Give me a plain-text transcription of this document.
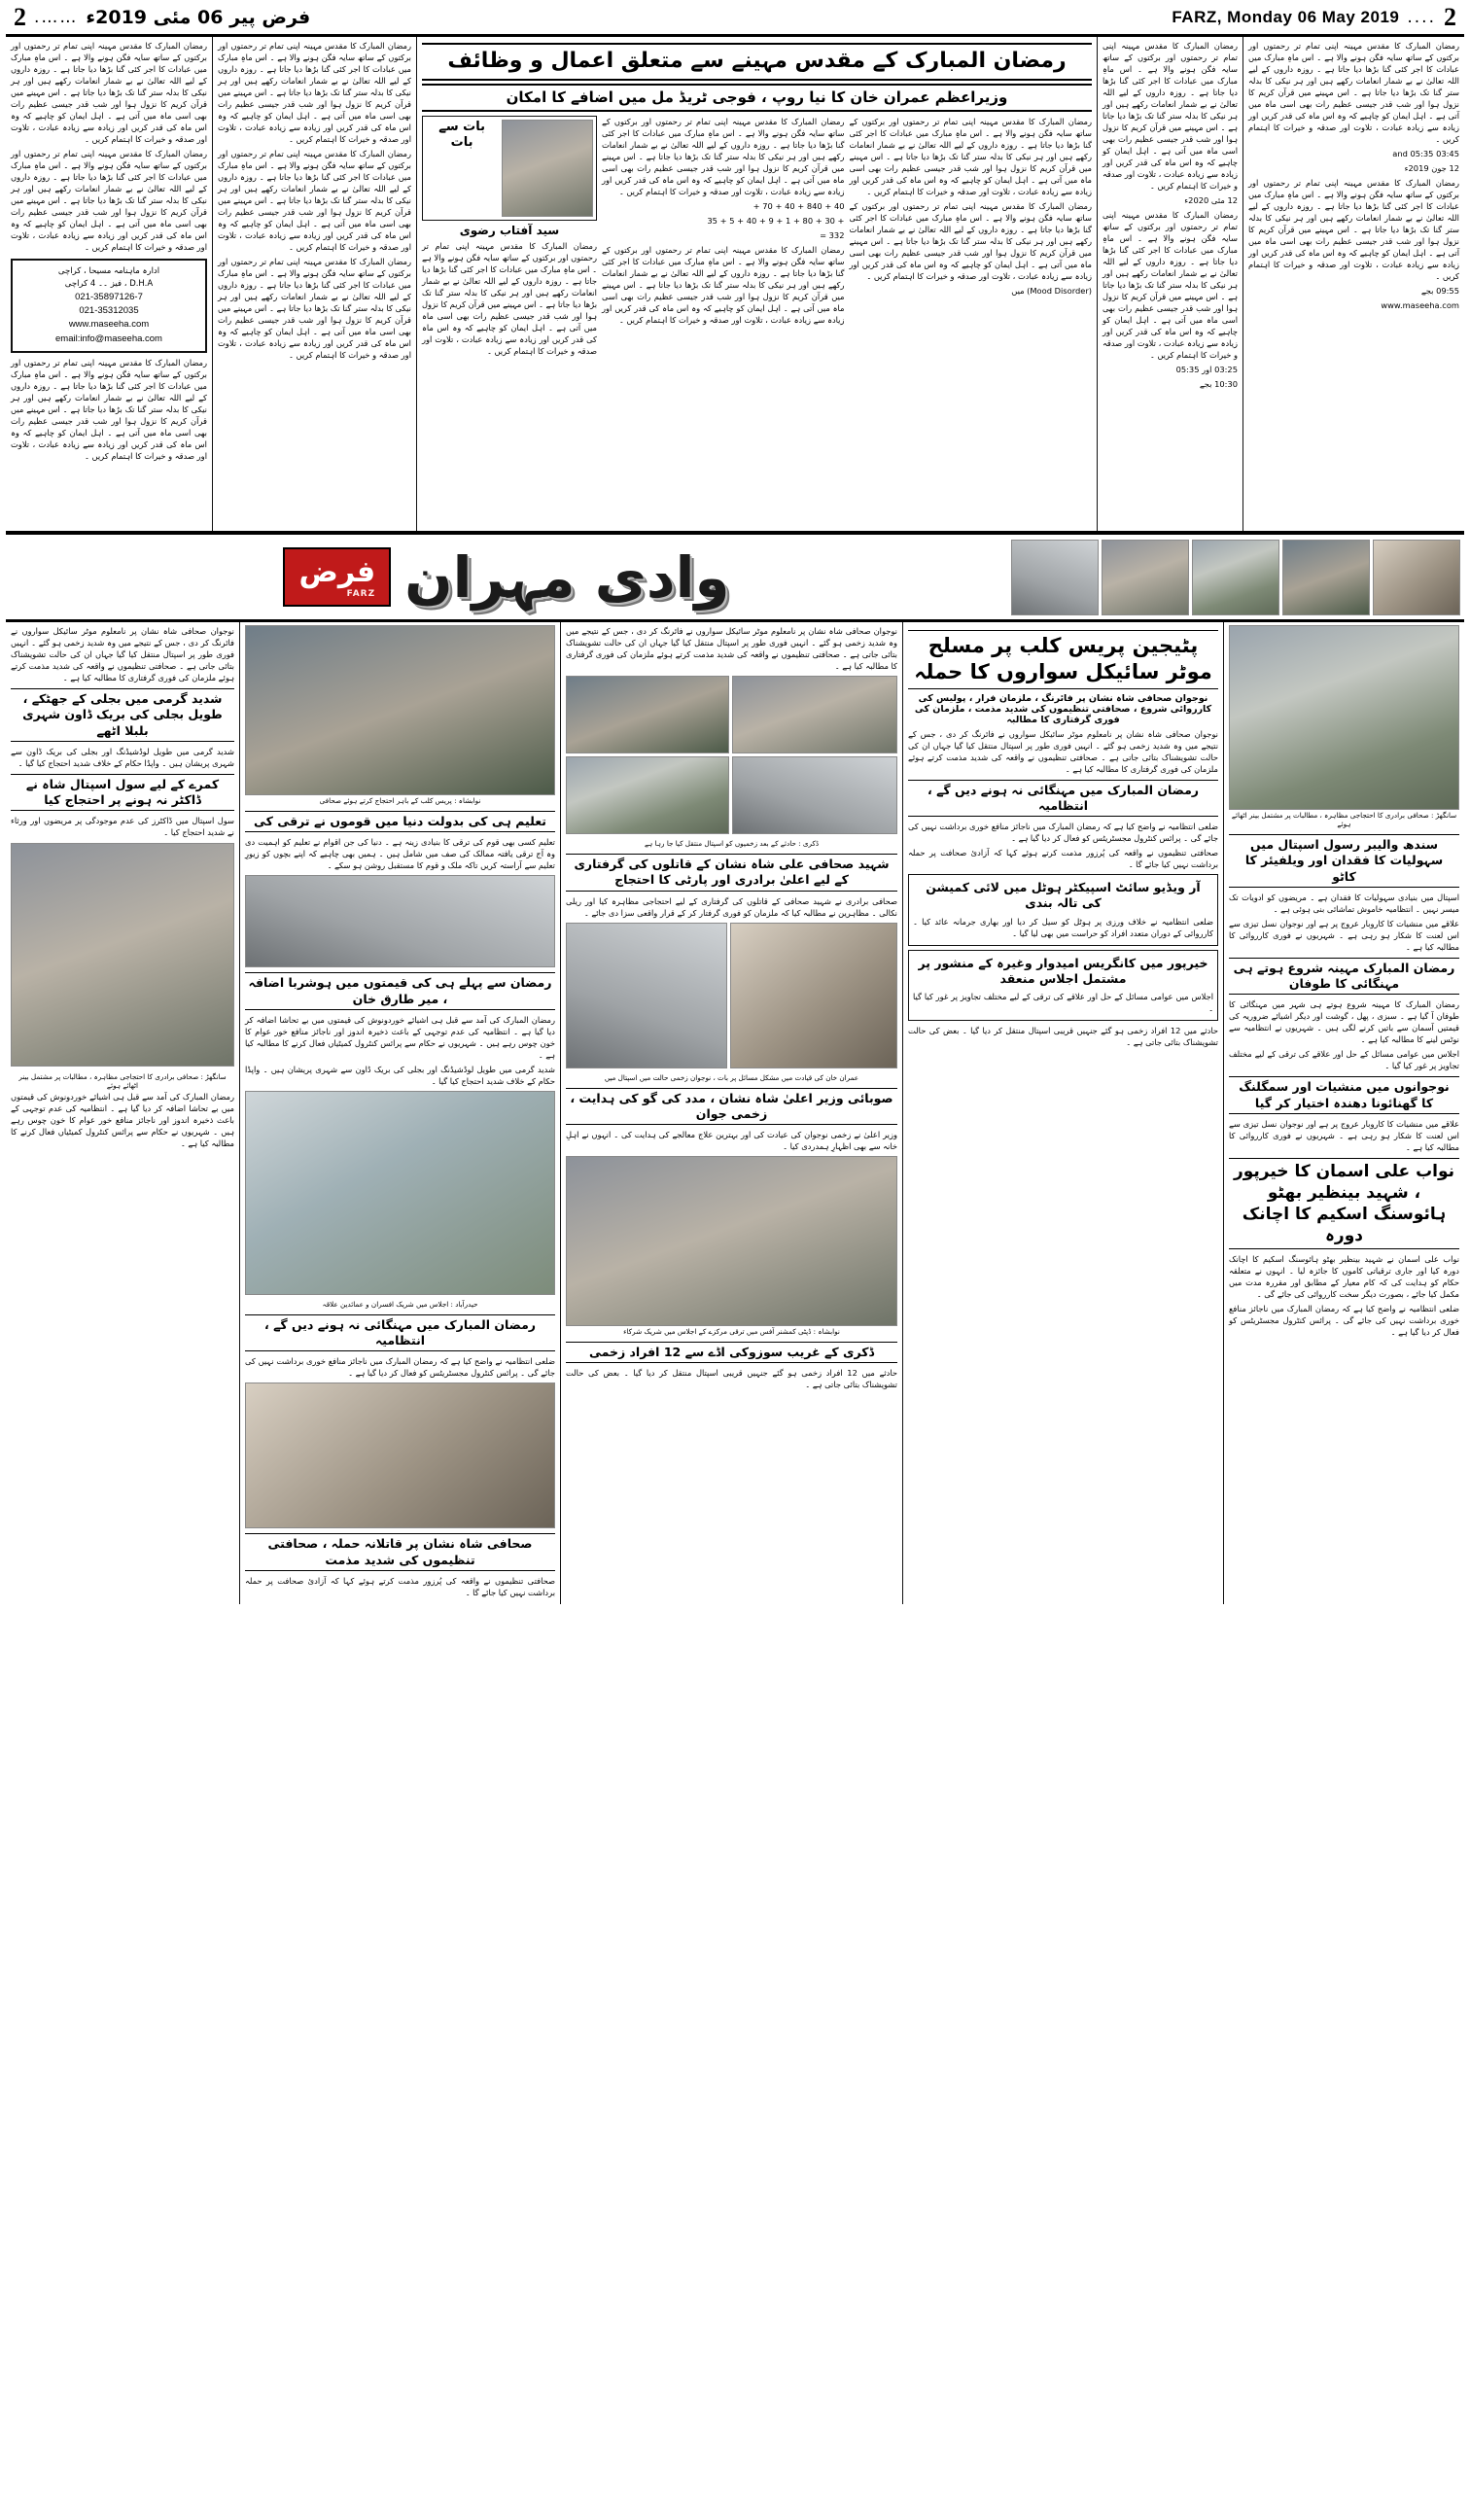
2
....
FARZ, Monday 06 May 2019
فرض پیر 06 مئی 2019ء
…….
2

رمضان المبارک کا مقدس مہینہ اپنی تمام تر رحمتوں اور برکتوں کے ساتھ سایہ فگن ہونے والا ہے ۔ اس ماہِ مبارک میں عبادات کا اجر کئی گنا بڑھا دیا جاتا ہے ۔ روزہ داروں کے لیے اللہ تعالیٰ نے بے شمار انعامات رکھے ہیں اور ہر نیکی کا بدلہ ستر گنا تک بڑھا دیا جاتا ہے ۔ اس مہینے میں قرآن کریم کا نزول ہوا اور شب قدر جیسی عظیم رات بھی اسی ماہ میں آتی ہے ۔ اہل ایمان کو چاہیے کہ وہ اس ماہ کی قدر کریں اور زیادہ سے زیادہ عبادت ، تلاوت اور صدقہ و خیرات کا اہتمام کریں ۔

03:45 and 05:35

12 جون 2019ء

رمضان المبارک کا مقدس مہینہ اپنی تمام تر رحمتوں اور برکتوں کے ساتھ سایہ فگن ہونے والا ہے ۔ اس ماہِ مبارک میں عبادات کا اجر کئی گنا بڑھا دیا جاتا ہے ۔ روزہ داروں کے لیے اللہ تعالیٰ نے بے شمار انعامات رکھے ہیں اور ہر نیکی کا بدلہ ستر گنا تک بڑھا دیا جاتا ہے ۔ اس مہینے میں قرآن کریم کا نزول ہوا اور شب قدر جیسی عظیم رات بھی اسی ماہ میں آتی ہے ۔ اہل ایمان کو چاہیے کہ وہ اس ماہ کی قدر کریں اور زیادہ سے زیادہ عبادت ، تلاوت اور صدقہ و خیرات کا اہتمام کریں ۔

09:55 بجے

www.maseeha.com

رمضان المبارک کا مقدس مہینہ اپنی تمام تر رحمتوں اور برکتوں کے ساتھ سایہ فگن ہونے والا ہے ۔ اس ماہِ مبارک میں عبادات کا اجر کئی گنا بڑھا دیا جاتا ہے ۔ روزہ داروں کے لیے اللہ تعالیٰ نے بے شمار انعامات رکھے ہیں اور ہر نیکی کا بدلہ ستر گنا تک بڑھا دیا جاتا ہے ۔ اس مہینے میں قرآن کریم کا نزول ہوا اور شب قدر جیسی عظیم رات بھی اسی ماہ میں آتی ہے ۔ اہل ایمان کو چاہیے کہ وہ اس ماہ کی قدر کریں اور زیادہ سے زیادہ عبادت ، تلاوت اور صدقہ و خیرات کا اہتمام کریں ۔

12 مئی 2020ء

رمضان المبارک کا مقدس مہینہ اپنی تمام تر رحمتوں اور برکتوں کے ساتھ سایہ فگن ہونے والا ہے ۔ اس ماہِ مبارک میں عبادات کا اجر کئی گنا بڑھا دیا جاتا ہے ۔ روزہ داروں کے لیے اللہ تعالیٰ نے بے شمار انعامات رکھے ہیں اور ہر نیکی کا بدلہ ستر گنا تک بڑھا دیا جاتا ہے ۔ اس مہینے میں قرآن کریم کا نزول ہوا اور شب قدر جیسی عظیم رات بھی اسی ماہ میں آتی ہے ۔ اہل ایمان کو چاہیے کہ وہ اس ماہ کی قدر کریں اور زیادہ سے زیادہ عبادت ، تلاوت اور صدقہ و خیرات کا اہتمام کریں ۔

03:25 اور 05:35

10:30 بجے

رمضان المبارک کے مقدس مہینے سے متعلق اعمال و وظائف
وزیراعظم عمران خان کا نیا روپ ، فوجی ٹریڈ مل میں اضافے کا امکان

رمضان المبارک کا مقدس مہینہ اپنی تمام تر رحمتوں اور برکتوں کے ساتھ سایہ فگن ہونے والا ہے ۔ اس ماہِ مبارک میں عبادات کا اجر کئی گنا بڑھا دیا جاتا ہے ۔ روزہ داروں کے لیے اللہ تعالیٰ نے بے شمار انعامات رکھے ہیں اور ہر نیکی کا بدلہ ستر گنا تک بڑھا دیا جاتا ہے ۔ اس مہینے میں قرآن کریم کا نزول ہوا اور شب قدر جیسی عظیم رات بھی اسی ماہ میں آتی ہے ۔ اہل ایمان کو چاہیے کہ وہ اس ماہ کی قدر کریں اور زیادہ سے زیادہ عبادت ، تلاوت اور صدقہ و خیرات کا اہتمام کریں ۔

رمضان المبارک کا مقدس مہینہ اپنی تمام تر رحمتوں اور برکتوں کے ساتھ سایہ فگن ہونے والا ہے ۔ اس ماہِ مبارک میں عبادات کا اجر کئی گنا بڑھا دیا جاتا ہے ۔ روزہ داروں کے لیے اللہ تعالیٰ نے بے شمار انعامات رکھے ہیں اور ہر نیکی کا بدلہ ستر گنا تک بڑھا دیا جاتا ہے ۔ اس مہینے میں قرآن کریم کا نزول ہوا اور شب قدر جیسی عظیم رات بھی اسی ماہ میں آتی ہے ۔ اہل ایمان کو چاہیے کہ وہ اس ماہ کی قدر کریں اور زیادہ سے زیادہ عبادت ، تلاوت اور صدقہ و خیرات کا اہتمام کریں ۔

(Mood Disorder) میں

رمضان المبارک کا مقدس مہینہ اپنی تمام تر رحمتوں اور برکتوں کے ساتھ سایہ فگن ہونے والا ہے ۔ اس ماہِ مبارک میں عبادات کا اجر کئی گنا بڑھا دیا جاتا ہے ۔ روزہ داروں کے لیے اللہ تعالیٰ نے بے شمار انعامات رکھے ہیں اور ہر نیکی کا بدلہ ستر گنا تک بڑھا دیا جاتا ہے ۔ اس مہینے میں قرآن کریم کا نزول ہوا اور شب قدر جیسی عظیم رات بھی اسی ماہ میں آتی ہے ۔ اہل ایمان کو چاہیے کہ وہ اس ماہ کی قدر کریں اور زیادہ سے زیادہ عبادت ، تلاوت اور صدقہ و خیرات کا اہتمام کریں ۔

40 + 840 + 40 + 70 +

+ 30 + 80 + 1 + 9 + 40 + 5 + 35

332 =

رمضان المبارک کا مقدس مہینہ اپنی تمام تر رحمتوں اور برکتوں کے ساتھ سایہ فگن ہونے والا ہے ۔ اس ماہِ مبارک میں عبادات کا اجر کئی گنا بڑھا دیا جاتا ہے ۔ روزہ داروں کے لیے اللہ تعالیٰ نے بے شمار انعامات رکھے ہیں اور ہر نیکی کا بدلہ ستر گنا تک بڑھا دیا جاتا ہے ۔ اس مہینے میں قرآن کریم کا نزول ہوا اور شب قدر جیسی عظیم رات بھی اسی ماہ میں آتی ہے ۔ اہل ایمان کو چاہیے کہ وہ اس ماہ کی قدر کریں اور زیادہ سے زیادہ عبادت ، تلاوت اور صدقہ و خیرات کا اہتمام کریں ۔

بات سے بات
سید آفتاب رضوی

رمضان المبارک کا مقدس مہینہ اپنی تمام تر رحمتوں اور برکتوں کے ساتھ سایہ فگن ہونے والا ہے ۔ اس ماہِ مبارک میں عبادات کا اجر کئی گنا بڑھا دیا جاتا ہے ۔ روزہ داروں کے لیے اللہ تعالیٰ نے بے شمار انعامات رکھے ہیں اور ہر نیکی کا بدلہ ستر گنا تک بڑھا دیا جاتا ہے ۔ اس مہینے میں قرآن کریم کا نزول ہوا اور شب قدر جیسی عظیم رات بھی اسی ماہ میں آتی ہے ۔ اہل ایمان کو چاہیے کہ وہ اس ماہ کی قدر کریں اور زیادہ سے زیادہ عبادت ، تلاوت اور صدقہ و خیرات کا اہتمام کریں ۔

رمضان المبارک کا مقدس مہینہ اپنی تمام تر رحمتوں اور برکتوں کے ساتھ سایہ فگن ہونے والا ہے ۔ اس ماہِ مبارک میں عبادات کا اجر کئی گنا بڑھا دیا جاتا ہے ۔ روزہ داروں کے لیے اللہ تعالیٰ نے بے شمار انعامات رکھے ہیں اور ہر نیکی کا بدلہ ستر گنا تک بڑھا دیا جاتا ہے ۔ اس مہینے میں قرآن کریم کا نزول ہوا اور شب قدر جیسی عظیم رات بھی اسی ماہ میں آتی ہے ۔ اہل ایمان کو چاہیے کہ وہ اس ماہ کی قدر کریں اور زیادہ سے زیادہ عبادت ، تلاوت اور صدقہ و خیرات کا اہتمام کریں ۔

رمضان المبارک کا مقدس مہینہ اپنی تمام تر رحمتوں اور برکتوں کے ساتھ سایہ فگن ہونے والا ہے ۔ اس ماہِ مبارک میں عبادات کا اجر کئی گنا بڑھا دیا جاتا ہے ۔ روزہ داروں کے لیے اللہ تعالیٰ نے بے شمار انعامات رکھے ہیں اور ہر نیکی کا بدلہ ستر گنا تک بڑھا دیا جاتا ہے ۔ اس مہینے میں قرآن کریم کا نزول ہوا اور شب قدر جیسی عظیم رات بھی اسی ماہ میں آتی ہے ۔ اہل ایمان کو چاہیے کہ وہ اس ماہ کی قدر کریں اور زیادہ سے زیادہ عبادت ، تلاوت اور صدقہ و خیرات کا اہتمام کریں ۔

رمضان المبارک کا مقدس مہینہ اپنی تمام تر رحمتوں اور برکتوں کے ساتھ سایہ فگن ہونے والا ہے ۔ اس ماہِ مبارک میں عبادات کا اجر کئی گنا بڑھا دیا جاتا ہے ۔ روزہ داروں کے لیے اللہ تعالیٰ نے بے شمار انعامات رکھے ہیں اور ہر نیکی کا بدلہ ستر گنا تک بڑھا دیا جاتا ہے ۔ اس مہینے میں قرآن کریم کا نزول ہوا اور شب قدر جیسی عظیم رات بھی اسی ماہ میں آتی ہے ۔ اہل ایمان کو چاہیے کہ وہ اس ماہ کی قدر کریں اور زیادہ سے زیادہ عبادت ، تلاوت اور صدقہ و خیرات کا اہتمام کریں ۔

رمضان المبارک کا مقدس مہینہ اپنی تمام تر رحمتوں اور برکتوں کے ساتھ سایہ فگن ہونے والا ہے ۔ اس ماہِ مبارک میں عبادات کا اجر کئی گنا بڑھا دیا جاتا ہے ۔ روزہ داروں کے لیے اللہ تعالیٰ نے بے شمار انعامات رکھے ہیں اور ہر نیکی کا بدلہ ستر گنا تک بڑھا دیا جاتا ہے ۔ اس مہینے میں قرآن کریم کا نزول ہوا اور شب قدر جیسی عظیم رات بھی اسی ماہ میں آتی ہے ۔ اہل ایمان کو چاہیے کہ وہ اس ماہ کی قدر کریں اور زیادہ سے زیادہ عبادت ، تلاوت اور صدقہ و خیرات کا اہتمام کریں ۔

رمضان المبارک کا مقدس مہینہ اپنی تمام تر رحمتوں اور برکتوں کے ساتھ سایہ فگن ہونے والا ہے ۔ اس ماہِ مبارک میں عبادات کا اجر کئی گنا بڑھا دیا جاتا ہے ۔ روزہ داروں کے لیے اللہ تعالیٰ نے بے شمار انعامات رکھے ہیں اور ہر نیکی کا بدلہ ستر گنا تک بڑھا دیا جاتا ہے ۔ اس مہینے میں قرآن کریم کا نزول ہوا اور شب قدر جیسی عظیم رات بھی اسی ماہ میں آتی ہے ۔ اہل ایمان کو چاہیے کہ وہ اس ماہ کی قدر کریں اور زیادہ سے زیادہ عبادت ، تلاوت اور صدقہ و خیرات کا اہتمام کریں ۔

ادارہ ماہنامہ مسیحا ، کراچی
D.H.A ، فیز ۔۔ 4 کراچی
021-35897126-7
021-35312035
www.maseeha.com
email:info@maseeha.com

رمضان المبارک کا مقدس مہینہ اپنی تمام تر رحمتوں اور برکتوں کے ساتھ سایہ فگن ہونے والا ہے ۔ اس ماہِ مبارک میں عبادات کا اجر کئی گنا بڑھا دیا جاتا ہے ۔ روزہ داروں کے لیے اللہ تعالیٰ نے بے شمار انعامات رکھے ہیں اور ہر نیکی کا بدلہ ستر گنا تک بڑھا دیا جاتا ہے ۔ اس مہینے میں قرآن کریم کا نزول ہوا اور شب قدر جیسی عظیم رات بھی اسی ماہ میں آتی ہے ۔ اہل ایمان کو چاہیے کہ وہ اس ماہ کی قدر کریں اور زیادہ سے زیادہ عبادت ، تلاوت اور صدقہ و خیرات کا اہتمام کریں ۔

وادی مہران
فرض
FARZ
سانگھڑ : صحافی برادری کا احتجاجی مظاہرہ ، مطالبات پر مشتمل بینر اٹھائے ہوئے
سندھ والیبر رسول اسپتال میں سہولیات کا فقدان اور ویلفیئر کا کاٹو

اسپتال میں بنیادی سہولیات کا فقدان ہے ۔ مریضوں کو ادویات تک میسر نہیں ۔ انتظامیہ خاموش تماشائی بنی ہوئی ہے ۔

علاقے میں منشیات کا کاروبار عروج پر ہے اور نوجوان نسل تیزی سے اس لعنت کا شکار ہو رہی ہے ۔ شہریوں نے فوری کارروائی کا مطالبہ کیا ہے ۔

رمضان المبارک مہینہ شروع ہوتے ہی مہنگائی کا طوفان

رمضان المبارک کا مہینہ شروع ہوتے ہی شہر میں مہنگائی کا طوفان آ گیا ہے ۔ سبزی ، پھل ، گوشت اور دیگر اشیائے ضروریہ کی قیمتیں آسمان سے باتیں کرنے لگی ہیں ۔ شہریوں نے انتظامیہ سے نوٹس لینے کا مطالبہ کیا ہے ۔

اجلاس میں عوامی مسائل کے حل اور علاقے کی ترقی کے لیے مختلف تجاویز پر غور کیا گیا ۔

نوجوانوں میں منشیات اور سمگلنگ کا گھنائونا دھندہ اختیار کر گیا

علاقے میں منشیات کا کاروبار عروج پر ہے اور نوجوان نسل تیزی سے اس لعنت کا شکار ہو رہی ہے ۔ شہریوں نے فوری کارروائی کا مطالبہ کیا ہے ۔

نواب علی اسمان کا خیرپور ، شہید بینظیر بھٹو ہائوسنگ اسکیم کا اچانک دورہ

نواب علی اسمان نے شہید بینظیر بھٹو ہائوسنگ اسکیم کا اچانک دورہ کیا اور جاری ترقیاتی کاموں کا جائزہ لیا ۔ انہوں نے متعلقہ حکام کو ہدایت کی کہ کام معیار کے مطابق اور مقررہ مدت میں مکمل کیا جائے ، بصورت دیگر سخت کارروائی کی جائے گی ۔

ضلعی انتظامیہ نے واضح کیا ہے کہ رمضان المبارک میں ناجائز منافع خوری برداشت نہیں کی جائے گی ۔ پرائس کنٹرول مجسٹریٹس کو فعال کر دیا گیا ہے ۔

پٹیجین پریس کلب پر مسلح موٹر سائیکل سواروں کا حملہ
نوجوان صحافی شاہ نشان پر فائرنگ ، ملزمان فرار ، پولیس کی کارروائی شروع ، صحافتی تنظیموں کی شدید مذمت ، ملزمان کی فوری گرفتاری کا مطالبہ

نوجوان صحافی شاہ نشان پر نامعلوم موٹر سائیکل سواروں نے فائرنگ کر دی ، جس کے نتیجے میں وہ شدید زخمی ہو گئے ۔ انہیں فوری طور پر اسپتال منتقل کیا گیا جہاں ان کی حالت تشویشناک بتائی جاتی ہے ۔ صحافتی تنظیموں نے واقعہ کی شدید مذمت کرتے ہوئے ملزمان کی فوری گرفتاری کا مطالبہ کیا ہے ۔

رمضان المبارک میں مہنگائی نہ ہونے دیں گے ، انتظامیہ

ضلعی انتظامیہ نے واضح کیا ہے کہ رمضان المبارک میں ناجائز منافع خوری برداشت نہیں کی جائے گی ۔ پرائس کنٹرول مجسٹریٹس کو فعال کر دیا گیا ہے ۔

صحافتی تنظیموں نے واقعہ کی پُرزور مذمت کرتے ہوئے کہا کہ آزادیٔ صحافت پر حملہ برداشت نہیں کیا جائے گا ۔

آر ویڈیو سائٹ اسپیکٹر ہوٹل میں لائی کمیشن کی تالہ بندی

ضلعی انتظامیہ نے خلاف ورزی پر ہوٹل کو سیل کر دیا اور بھاری جرمانہ عائد کیا ۔ کارروائی کے دوران متعدد افراد کو حراست میں بھی لیا گیا ۔

خیرپور میں کانگریس امیدوار وغیرہ کے منشور پر مشتمل اجلاس منعقد

اجلاس میں عوامی مسائل کے حل اور علاقے کی ترقی کے لیے مختلف تجاویز پر غور کیا گیا ۔

حادثے میں 12 افراد زخمی ہو گئے جنہیں قریبی اسپتال منتقل کر دیا گیا ۔ بعض کی حالت تشویشناک بتائی جاتی ہے ۔

نوجوان صحافی شاہ نشان پر نامعلوم موٹر سائیکل سواروں نے فائرنگ کر دی ، جس کے نتیجے میں وہ شدید زخمی ہو گئے ۔ انہیں فوری طور پر اسپتال منتقل کیا گیا جہاں ان کی حالت تشویشناک بتائی جاتی ہے ۔ صحافتی تنظیموں نے واقعہ کی شدید مذمت کرتے ہوئے ملزمان کی فوری گرفتاری کا مطالبہ کیا ہے ۔

ڈکری : حادثے کے بعد زخمیوں کو اسپتال منتقل کیا جا رہا ہے
شہید صحافی علی شاہ نشان کے قاتلوں کی گرفتاری کے لیے اعلیٰ برادری اور پارٹی کا احتجاج

صحافی برادری نے شہید صحافی کے قاتلوں کی گرفتاری کے لیے احتجاجی مظاہرہ کیا اور ریلی نکالی ۔ مظاہرین نے مطالبہ کیا کہ ملزمان کو فوری گرفتار کر کے قرار واقعی سزا دی جائے ۔

عمران خان کی قیادت میں مشکل مسائل پر بات ، نوجوان زخمی حالت میں اسپتال میں
صوبائی وزیر اعلیٰ شاہ نشان ، مدد کی گو کی ہدایت ، زخمی جوان

وزیر اعلیٰ نے زخمی نوجوان کی عیادت کی اور بہترین علاج معالجے کی ہدایت کی ۔ انہوں نے اہلِ خانہ سے بھی اظہارِ ہمدردی کیا ۔

نوابشاہ : ڈپٹی کمشنر آفس میں ترقی مرکزے کے اجلاس میں شریک شرکاء
ڈکری کے غریب سوزوکی اڈے سے 12 افراد زخمی

حادثے میں 12 افراد زخمی ہو گئے جنہیں قریبی اسپتال منتقل کر دیا گیا ۔ بعض کی حالت تشویشناک بتائی جاتی ہے ۔

نوابشاہ : پریس کلب کے باہر احتجاج کرتے ہوئے صحافی
تعلیم ہی کی بدولت دنیا میں قوموں نے ترقی کی

تعلیم کسی بھی قوم کی ترقی کا بنیادی زینہ ہے ۔ دنیا کی جن اقوام نے تعلیم کو اہمیت دی وہ آج ترقی یافتہ ممالک کی صف میں شامل ہیں ۔ ہمیں بھی چاہیے کہ اپنے بچوں کو زیورِ تعلیم سے آراستہ کریں تاکہ ملک و قوم کا مستقبل روشن ہو سکے ۔

رمضان سے پہلے ہی کی قیمتوں میں ہوشربا اضافہ ، میر طارق خان

رمضان المبارک کی آمد سے قبل ہی اشیائے خوردونوش کی قیمتوں میں بے تحاشا اضافہ کر دیا گیا ہے ۔ انتظامیہ کی عدم توجہی کے باعث ذخیرہ اندوز اور ناجائز منافع خور عوام کا خون چوس رہے ہیں ۔ شہریوں نے حکام سے پرائس کنٹرول کمیٹیاں فعال کرنے کا مطالبہ کیا ہے ۔

شدید گرمی میں طویل لوڈشیڈنگ اور بجلی کی بریک ڈاون سے شہری پریشان ہیں ۔ واپڈا حکام کے خلاف شدید احتجاج کیا گیا ۔

حیدرآباد : اجلاس میں شریک افسران و عمائدین علاقہ
رمضان المبارک میں مہنگائی نہ ہونے دیں گے ، انتظامیہ

ضلعی انتظامیہ نے واضح کیا ہے کہ رمضان المبارک میں ناجائز منافع خوری برداشت نہیں کی جائے گی ۔ پرائس کنٹرول مجسٹریٹس کو فعال کر دیا گیا ہے ۔

صحافی شاہ نشان پر قاتلانہ حملہ ، صحافتی تنظیموں کی شدید مذمت

صحافتی تنظیموں نے واقعہ کی پُرزور مذمت کرتے ہوئے کہا کہ آزادیٔ صحافت پر حملہ برداشت نہیں کیا جائے گا ۔

نوجوان صحافی شاہ نشان پر نامعلوم موٹر سائیکل سواروں نے فائرنگ کر دی ، جس کے نتیجے میں وہ شدید زخمی ہو گئے ۔ انہیں فوری طور پر اسپتال منتقل کیا گیا جہاں ان کی حالت تشویشناک بتائی جاتی ہے ۔ صحافتی تنظیموں نے واقعہ کی شدید مذمت کرتے ہوئے ملزمان کی فوری گرفتاری کا مطالبہ کیا ہے ۔

شدید گرمی میں بجلی کے جھٹکے ، طویل بجلی کی بریک ڈاون شہری بلبلا اٹھے

شدید گرمی میں طویل لوڈشیڈنگ اور بجلی کی بریک ڈاون سے شہری پریشان ہیں ۔ واپڈا حکام کے خلاف شدید احتجاج کیا گیا ۔

کمرے کے لیے سول اسپتال شاہ نے ڈاکٹر نہ ہونے پر احتجاج کیا

سول اسپتال میں ڈاکٹرز کی عدم موجودگی پر مریضوں اور ورثاء نے شدید احتجاج کیا ۔

سانگھڑ : صحافی برادری کا احتجاجی مظاہرہ ، مطالبات پر مشتمل بینر اٹھائے ہوئے

رمضان المبارک کی آمد سے قبل ہی اشیائے خوردونوش کی قیمتوں میں بے تحاشا اضافہ کر دیا گیا ہے ۔ انتظامیہ کی عدم توجہی کے باعث ذخیرہ اندوز اور ناجائز منافع خور عوام کا خون چوس رہے ہیں ۔ شہریوں نے حکام سے پرائس کنٹرول کمیٹیاں فعال کرنے کا مطالبہ کیا ہے ۔
